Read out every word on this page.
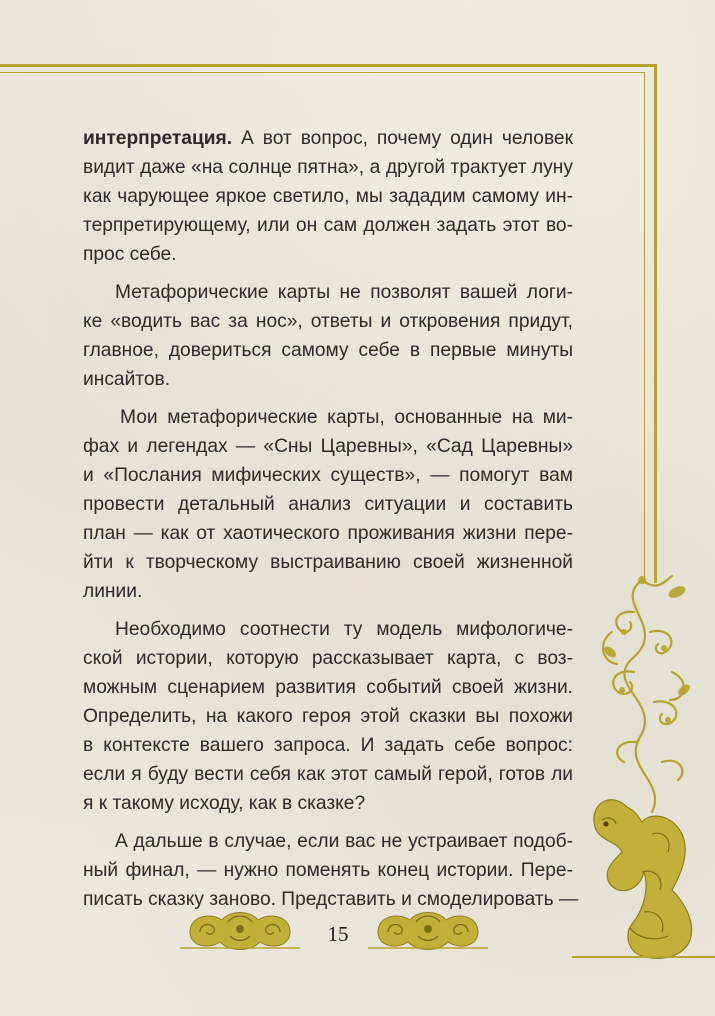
интерпретация. А вот вопрос, почему один человек
видит даже «на солнце пятна», а другой трактует луну
как чарующее яркое светило, мы зададим самому ин-
терпретирующему, или он сам должен задать этот во-
прос себе.
Метафорические карты не позволят вашей логи-
ке «водить вас за нос», ответы и откровения придут,
главное, довериться самому себе в первые минуты
инсайтов.
Мои метафорические карты, основанные на ми-
фах и легендах — «Сны Царевны», «Сад Царевны»
и «Послания мифических существ», — помогут вам
провести детальный анализ ситуации и составить
план — как от хаотического проживания жизни пере-
йти к творческому выстраиванию своей жизненной
линии.
Необходимо соотнести ту модель мифологиче-
ской истории, которую рассказывает карта, с воз-
можным сценарием развития событий своей жизни.
Определить, на какого героя этой сказки вы похожи
в контексте вашего запроса. И задать себе вопрос:
если я буду вести себя как этот самый герой, готов ли
я к такому исходу, как в сказке?
А дальше в случае, если вас не устраивает подоб-
ный финал, — нужно поменять конец истории. Пере-
писать сказку заново. Представить и смоделировать —
15
